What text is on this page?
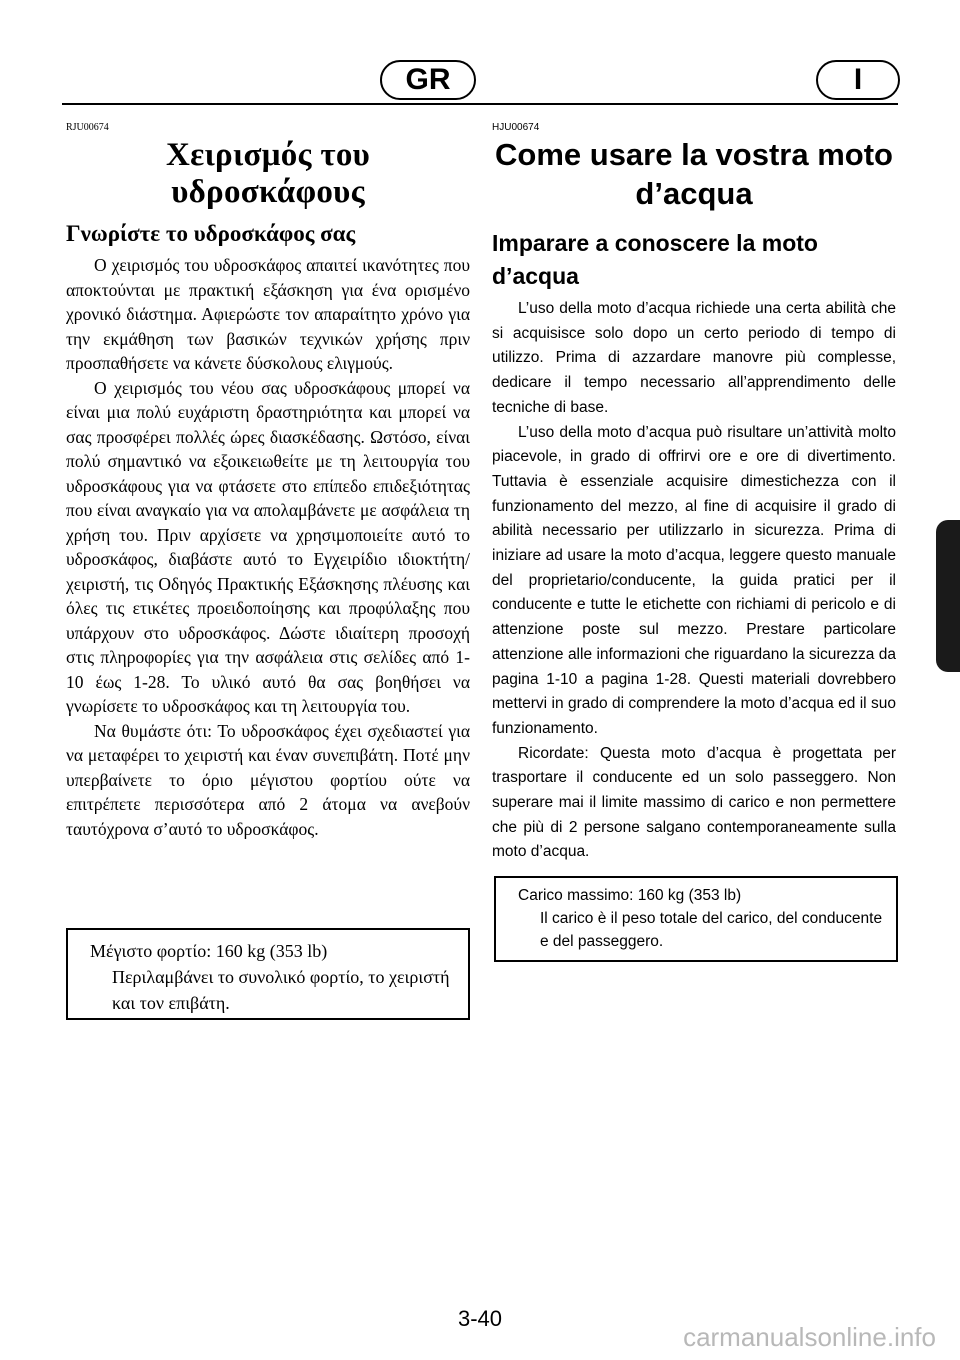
GR	I
RJU00674
Χειρισμός του υδροσκάφους
Γνωρίστε το υδροσκάφος σας

Ο χειρισμός του υδροσκάφος απαιτεί ικανότητες που αποκτούνται με πρακτική εξάσκηση για ένα ορισμένο χρονικό διάστημα. Αφιερώστε τον απαραίτητο χρόνο για την εκμάθηση των βασικών τεχνικών χρήσης πριν προσπαθήσετε να κάνετε δύσκολους ελιγμούς.

Ο χειρισμός του νέου σας υδροσκάφους μπορεί να είναι μια πολύ ευχάριστη δραστηριότητα και μπορεί να σας προσφέρει πολλές ώρες διασκέδασης. Ωστόσο, είναι πολύ σημαντικό να εξοικειωθείτε με τη λειτουργία του υδροσκάφους για να φτάσετε στο επίπεδο επιδεξιότητας που είναι αναγκαίο για να απολαμβάνετε με ασφάλεια τη χρήση του. Πριν αρχίσετε να χρησιμοποιείτε αυτό το υδροσκάφος, διαβάστε αυτό το Εγχειρίδιο ιδιοκτήτη/χειριστή, τις Οδηγός Πρακτικής Εξάσκησης πλέυσης και όλες τις ετικέτες προειδοποίησης και προφύλαξης που υπάρχουν στο υδροσκάφος. Δώστε ιδιαίτερη προσοχή στις πληροφορίες για την ασφάλεια στις σελίδες από 1-10 έως 1-28. Το υλικό αυτό θα σας βοηθήσει να γνωρίσετε το υδροσκάφος και τη λειτουργία του.

Να θυμάστε ότι: Το υδροσκάφος έχει σχεδιαστεί για να μεταφέρει το χειριστή και έναν συνεπιβάτη. Ποτέ μην υπερβαίνετε το όριο μέγιστου φορτίου ούτε να επιτρέπετε περισσότερα από 2 άτομα να ανεβούν ταυτόχρονα σ’αυτό το υδροσκάφος.

Μέγιστο φορτίο: 160 kg (353 lb)
Περιλαμβάνει το συνολικό φορτίο, το χειριστή και τον επιβάτη.
HJU00674
Come usare la vostra moto d’acqua
Imparare a conoscere la moto d’acqua

L’uso della moto d’acqua richiede una certa abilità che si acquisisce solo dopo un certo periodo di tempo di utilizzo. Prima di azzardare manovre più complesse, dedicare il tempo necessario all’apprendimento delle tecniche di base.

L’uso della moto d’acqua può risultare un’attività molto piacevole, in grado di offrirvi ore e ore di divertimento. Tuttavia è essenziale acquisire dimestichezza con il funzionamento del mezzo, al fine di acquisire il grado di abilità necessario per utilizzarlo in sicurezza. Prima di iniziare ad usare la moto d’acqua, leggere questo manuale del proprietario/conducente, la guida pratici per il conducente e tutte le etichette con richiami di pericolo e di attenzione poste sul mezzo. Prestare particolare attenzione alle informazioni che riguardano la sicurezza da pagina 1-10 a pagina 1-28. Questi materiali dovrebbero mettervi in grado di comprendere la moto d’acqua ed il suo funzionamento.

Ricordate: Questa moto d’acqua è progettata per trasportare il conducente ed un solo passeggero. Non superare mai il limite massimo di carico e non permettere che più di 2 persone salgano contemporaneamente sulla moto d’acqua.

Carico massimo: 160 kg (353 lb)
Il carico è il peso totale del carico, del conducente e del passeggero.
3-40
carmanualsonline.info
